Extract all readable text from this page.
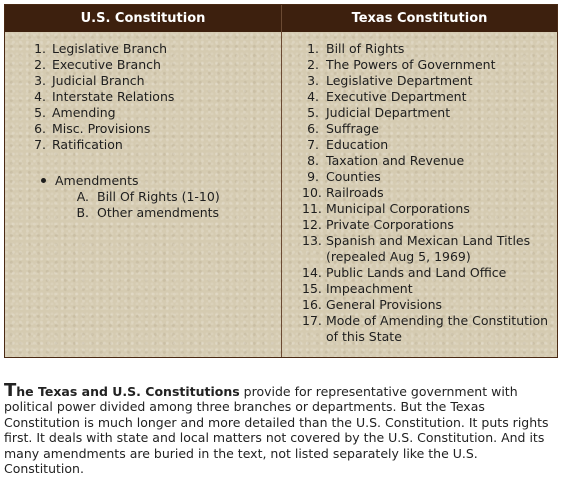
U.S. Constitution	Texas Constitution
1. Legislative Branch
2. Executive Branch
3. Judicial Branch
4. Interstate Relations
5. Amending
6. Misc. Provisions
7. Ratification
Amendments
A. Bill Of Rights (1-10)
B. Other amendments
1. Bill of Rights
2. The Powers of Government
3. Legislative Department
4. Executive Department
5. Judicial Department
6. Suffrage
7. Education
8. Taxation and Revenue
9. Counties
10. Railroads
11. Municipal Corporations
12. Private Corporations
13. Spanish and Mexican Land Titles (repealed Aug 5, 1969)
14. Public Lands and Land Office
15. Impeachment
16. General Provisions
17. Mode of Amending the Constitution of this State

The Texas and U.S. Constitutions provide for representative government with political power divided among three branches or departments. But the Texas Constitution is much longer and more detailed than the U.S. Constitution. It puts rights first. It deals with state and local matters not covered by the U.S. Constitution. And its many amendments are buried in the text, not listed separately like the U.S. Constitution.
